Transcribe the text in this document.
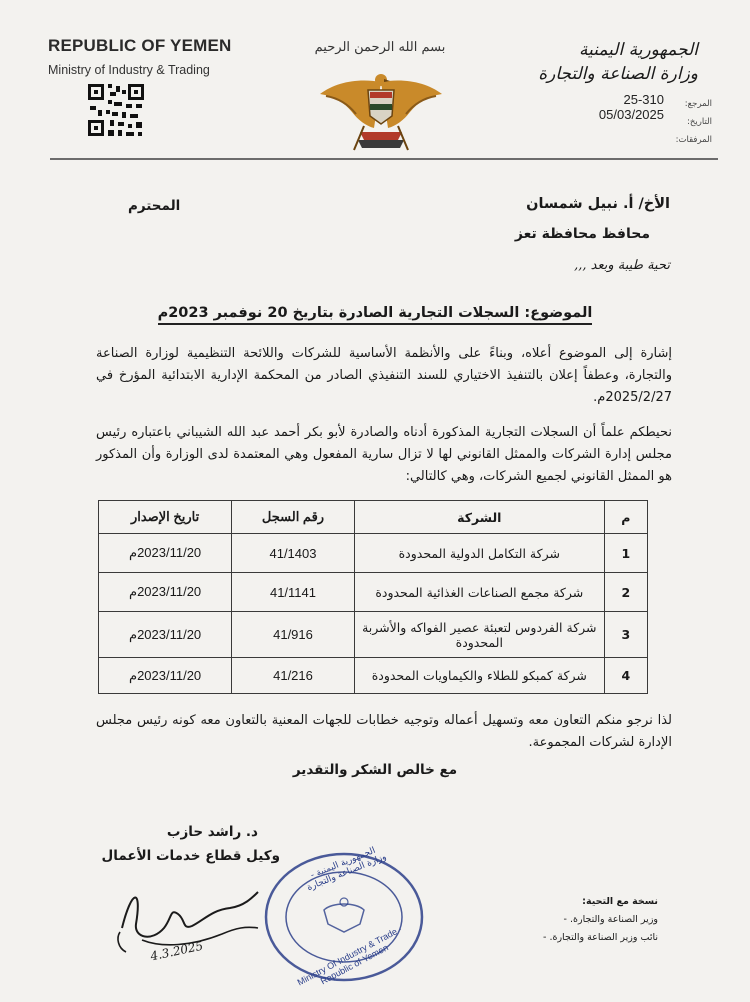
REPUBLIC OF YEMEN
Ministry of Industry & Trading
بسم الله الرحمن الرحيم	الجمهورية اليمنية
وزارة الصناعة والتجارة
25-310
05/03/2025
المرجع:
التاريخ:
المرفقات:
الأخ/ أ. نبيل شمسان
المحترم
محافظ محافظة تعز
تحية طيبة وبعد ,,,
الموضوع: السجلات التجارية الصادرة بتاريخ 20 نوفمبر 2023م
إشارة إلى الموضوع أعلاه، وبناءً على والأنظمة الأساسية للشركات واللائحة التنظيمية لوزارة الصناعة والتجارة، وعطفاً إعلان بالتنفيذ الاختياري للسند التنفيذي الصادر من المحكمة الإدارية الابتدائية المؤرخ في 2025/2/27م.
نحيطكم علماً أن السجلات التجارية المذكورة أدناه والصادرة لأبو بكر أحمد عبد الله الشيباني باعتباره رئيس مجلس إدارة الشركات والممثل القانوني لها لا تزال سارية المفعول وهي المعتمدة لدى الوزارة وأن المذكور هو الممثل القانوني لجميع الشركات، وهي كالتالي:
م	الشركة	رقم السجل	تاريخ الإصدار
1	شركة التكامل الدولية المحدودة	41/1403	2023/11/20م
2	شركة مجمع الصناعات الغذائية المحدودة	41/1141	2023/11/20م
3	شركة الفردوس لتعبئة عصير الفواكه والأشربة المحدودة	41/916	2023/11/20م
4	شركة كمبكو للطلاء والكيماويات المحدودة	41/216	2023/11/20م
لذا نرجو منكم التعاون معه وتسهيل أعماله وتوجيه خطابات للجهات المعنية بالتعاون معه كونه رئيس مجلس الإدارة لشركات المجموعة.
مع خالص الشكر والتقدير
د. راشد حازب
وكيل قطاع خدمات الأعمال	الجمهورية اليمنية - وزارة الصناعة والتجارة
Ministry Of Industry & Trade · Republic of Yemen
4.3.2025
نسخة مع التحية:
وزير الصناعة والتجارة. -
نائب وزير الصناعة والتجارة. -
